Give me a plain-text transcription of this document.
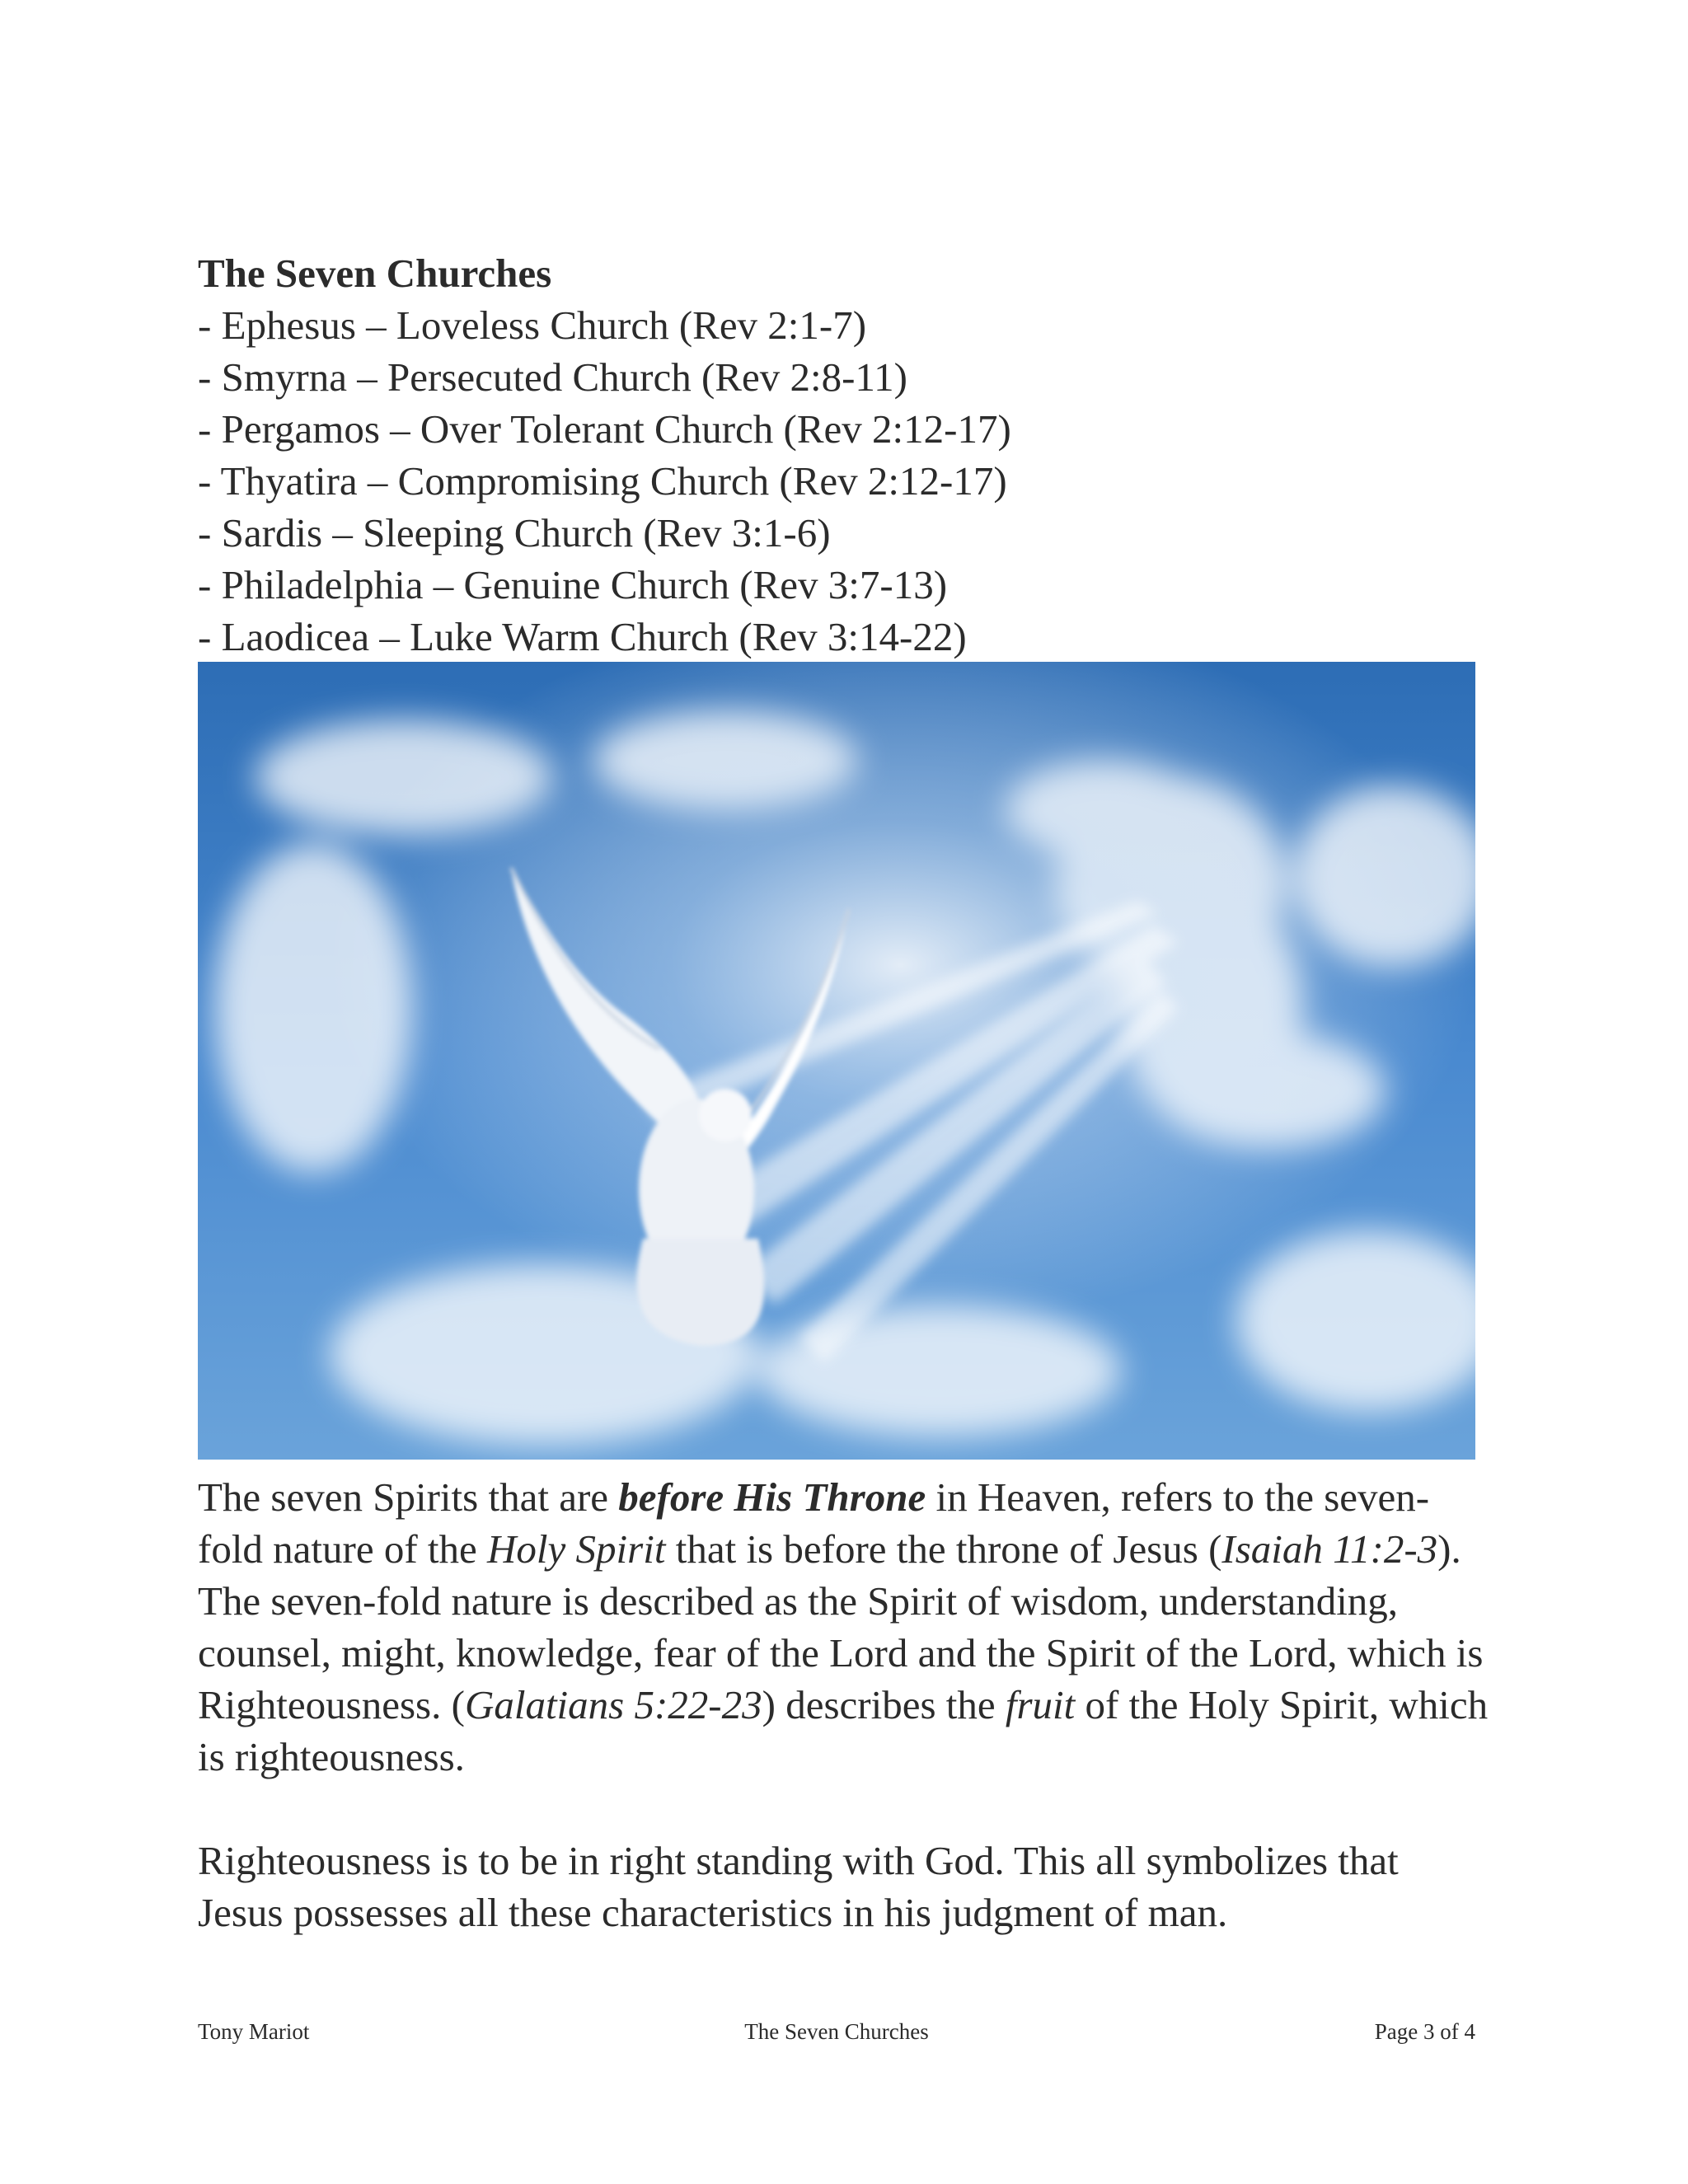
The Seven Churches
- Ephesus – Loveless Church (Rev 2:1-7)
- Smyrna – Persecuted Church (Rev 2:8-11)
- Pergamos – Over Tolerant Church (Rev 2:12-17)
- Thyatira – Compromising Church (Rev 2:12-17)
- Sardis – Sleeping Church (Rev 3:1-6)
- Philadelphia – Genuine Church (Rev 3:7-13)
- Laodicea – Luke Warm Church (Rev 3:14-22)

The seven Spirits that are before His Throne in Heaven, refers to the seven-fold nature of the Holy Spirit that is before the throne of Jesus (Isaiah 11:2-3). The seven-fold nature is described as the Spirit of wisdom, understanding, counsel, might, knowledge, fear of the Lord and the Spirit of the Lord, which is Righteousness. (Galatians 5:22-23) describes the fruit of the Holy Spirit, which is righteousness.

Righteousness is to be in right standing with God. This all symbolizes that Jesus possesses all these characteristics in his judgment of man.

Tony Mariot	The Seven Churches	Page 3 of 4
